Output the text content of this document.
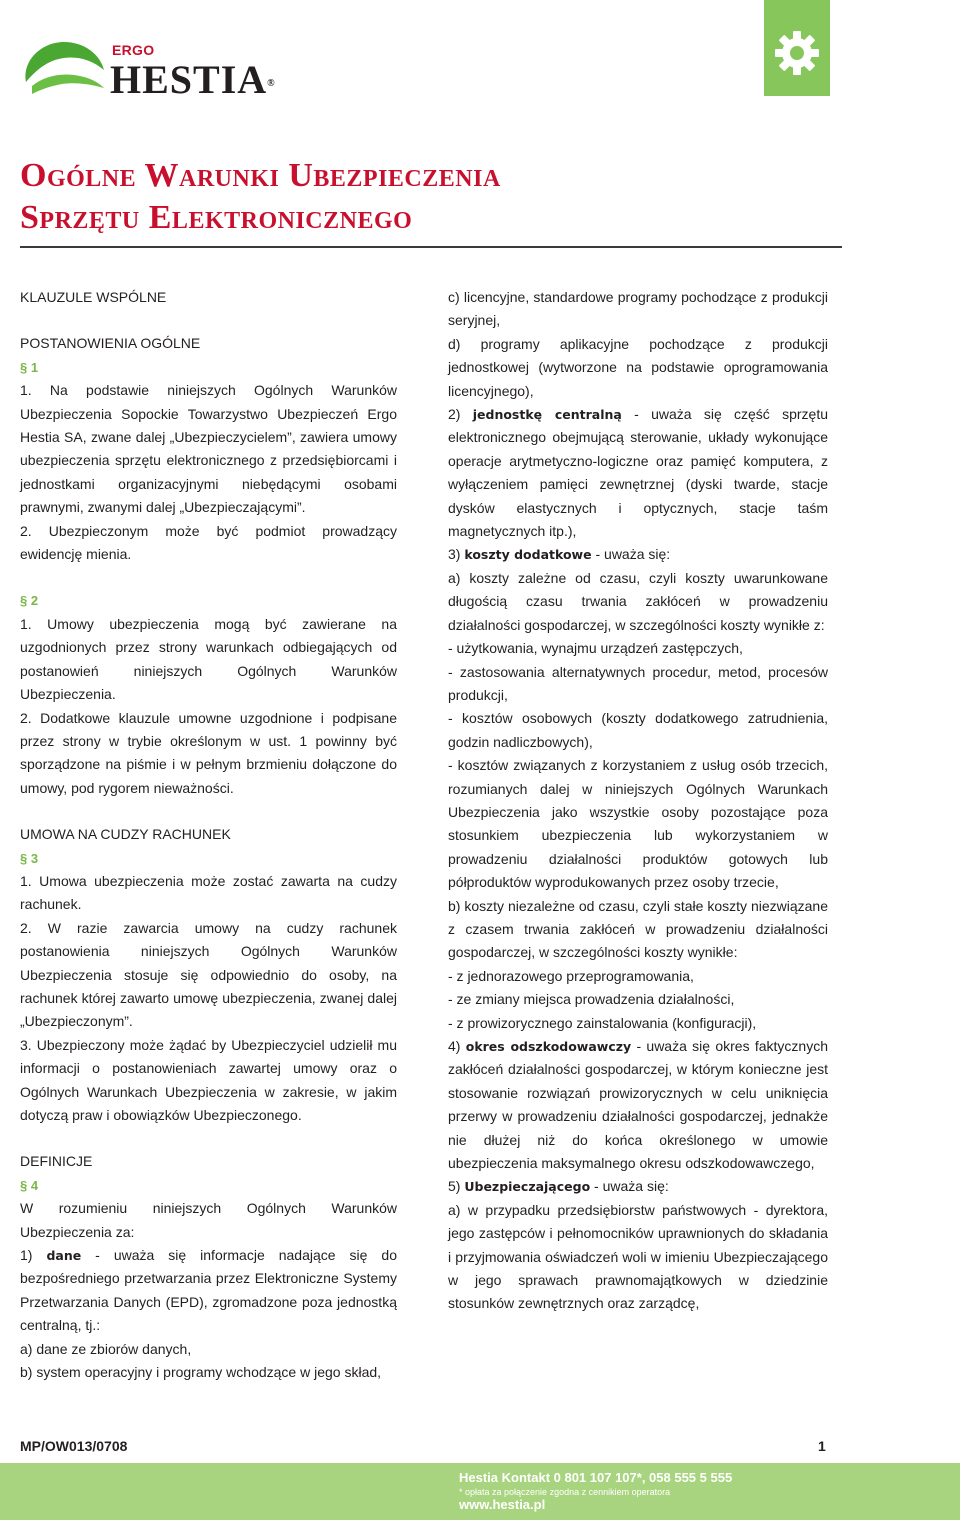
ERGO
HESTIA®
Ogólne Warunki Ubezpieczenia
Sprzętu Elektronicznego

KLAUZULE WSPÓLNE

POSTANOWIENIA OGÓLNE

§ 1

1. Na podstawie niniejszych Ogólnych Warunków Ubezpieczenia Sopockie Towarzystwo Ubezpieczeń Ergo Hestia SA, zwane dalej „Ubezpieczycielem”, zawiera umowy ubezpieczenia sprzętu elektronicznego z przedsiębiorcami i jednostkami organizacyjnymi niebędącymi osobami prawnymi, zwanymi dalej „Ubezpieczającymi”.

2. Ubezpieczonym może być podmiot prowadzący ewidencję mienia.

§ 2

1. Umowy ubezpieczenia mogą być zawierane na uzgodnionych przez strony warunkach odbiegających od postanowień niniejszych Ogólnych Warunków Ubezpieczenia.

2. Dodatkowe klauzule umowne uzgodnione i podpisane przez strony w trybie określonym w ust. 1 powinny być sporządzone na piśmie i w pełnym brzmieniu dołączone do umowy, pod rygorem nieważności.

UMOWA NA CUDZY RACHUNEK

§ 3

1. Umowa ubezpieczenia może zostać zawarta na cudzy rachunek.

2. W razie zawarcia umowy na cudzy rachunek postanowienia niniejszych Ogólnych Warunków Ubezpieczenia stosuje się odpowiednio do osoby, na rachunek której zawarto umowę ubezpieczenia, zwanej dalej „Ubezpieczonym”.

3. Ubezpieczony może żądać by Ubezpieczyciel udzielił mu informacji o postanowieniach zawartej umowy oraz o Ogólnych Warunkach Ubezpieczenia w zakresie, w jakim dotyczą praw i obowiązków Ubezpieczonego.

DEFINICJE

§ 4

W rozumieniu niniejszych Ogólnych Warunków Ubezpieczenia za:

1) dane - uważa się informacje nadające się do bezpośredniego przetwarzania przez Elektroniczne Systemy Przetwarzania Danych (EPD), zgromadzone poza jednostką centralną, tj.:

a) dane ze zbiorów danych,

b) system operacyjny i programy wchodzące w jego skład,

c) licencyjne, standardowe programy pochodzące z produkcji seryjnej,

d) programy aplikacyjne pochodzące z produkcji jednostkowej (wytworzone na podstawie oprogramowania licencyjnego),

2) jednostkę centralną - uważa się część sprzętu elektronicznego obejmującą sterowanie, układy wykonujące operacje arytmetyczno-logiczne oraz pamięć komputera, z wyłączeniem pamięci zewnętrznej (dyski twarde, stacje dysków elastycznych i optycznych, stacje taśm magnetycznych itp.),

3) koszty dodatkowe - uważa się:

a) koszty zależne od czasu, czyli koszty uwarunkowane długością czasu trwania zakłóceń w prowadzeniu działalności gospodarczej, w szczególności koszty wynikłe z:

- użytkowania, wynajmu urządzeń zastępczych,

- zastosowania alternatywnych procedur, metod, procesów produkcji,

- kosztów osobowych (koszty dodatkowego zatrudnienia, godzin nadliczbowych),

- kosztów związanych z korzystaniem z usług osób trzecich, rozumianych dalej w niniejszych Ogólnych Warunkach Ubezpieczenia jako wszystkie osoby pozostające poza stosunkiem ubezpieczenia lub wykorzystaniem w prowadzeniu działalności produktów gotowych lub półproduktów wyprodukowanych przez osoby trzecie,

b) koszty niezależne od czasu, czyli stałe koszty niezwiązane z czasem trwania zakłóceń w prowadzeniu działalności gospodarczej, w szczególności koszty wynikłe:

- z jednorazowego przeprogramowania,

- ze zmiany miejsca prowadzenia działalności,

- z prowizorycznego zainstalowania (konfiguracji),

4) okres odszkodowawczy - uważa się okres faktycznych zakłóceń działalności gospodarczej, w którym konieczne jest stosowanie rozwiązań prowizorycznych w celu uniknięcia przerwy w prowadzeniu działalności gospodarczej, jednakże nie dłużej niż do końca określonego w umowie ubezpieczenia maksymalnego okresu odszkodowawczego,

5) Ubezpieczającego - uważa się:

a) w przypadku przedsiębiorstw państwowych - dyrektora, jego zastępców i pełnomocników uprawnionych do składania i przyjmowania oświadczeń woli w imieniu Ubezpieczającego w jego sprawach prawnomajątkowych w dziedzinie stosunków zewnętrznych oraz zarządcę,

MP/OW013/0708	1
Hestia Kontakt 0 801 107 107*, 058 555 5 555
* opłata za połączenie zgodna z cennikiem operatora
www.hestia.pl
